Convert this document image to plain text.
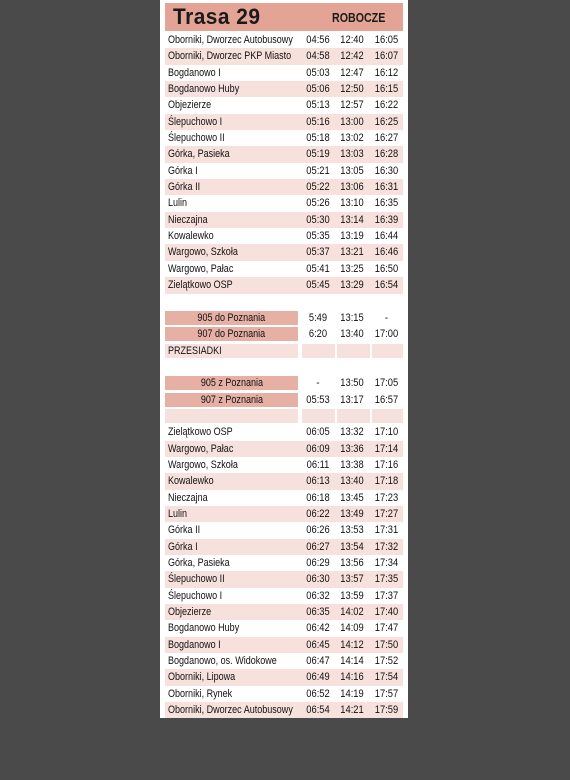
Trasa 29	ROBOCZE
Oborniki, Dworzec Autobusowy 04:56 12:40 16:05
Oborniki, Dworzec PKP Miasto 04:58 12:42 16:07
Bogdanowo I	05:03 12:47 16:12
Bogdanowo Huby	05:06 12:50 16:15
Objezierze	05:13 12:57 16:22
Ślepuchowo I	05:16 13:00 16:25
Ślepuchowo II	05:18 13:02 16:27
Górka, Pasieka	05:19 13:03 16:28
Górka I	05:21 13:05 16:30
Górka II	05:22 13:06 16:31
Lulin	05:26 13:10 16:35
Nieczajna	05:30 13:14 16:39
Kowalewko	05:35 13:19 16:44
Wargowo, Szkoła	05:37 13:21 16:46
Wargowo, Pałac	05:41 13:25 16:50
Zielątkowo OSP	05:45 13:29 16:54
905 do Poznania	5:49	13:15	-
907 do Poznania	6:20	13:40 17:00
PRZESIADKI
905 z Poznania	-	13:50 17:05
907 z Poznania	05:53 13:17 16:57
Zielątkowo OSP	06:05 13:32 17:10
Wargowo, Pałac	06:09 13:36 17:14
Wargowo, Szkoła	06:11 13:38 17:16
Kowalewko	06:13 13:40 17:18
Nieczajna	06:18 13:45 17:23
Lulin	06:22 13:49 17:27
Górka II	06:26 13:53 17:31
Górka I	06:27 13:54 17:32
Górka, Pasieka	06:29 13:56 17:34
Ślepuchowo II	06:30 13:57 17:35
Ślepuchowo I	06:32 13:59 17:37
Objezierze	06:35 14:02 17:40
Bogdanowo Huby	06:42 14:09 17:47
Bogdanowo I	06:45 14:12 17:50
Bogdanowo, os. Widokowe	06:47 14:14 17:52
Oborniki, Lipowa	06:49 14:16 17:54
Oborniki, Rynek	06:52 14:19 17:57
Oborniki, Dworzec Autobusowy 06:54 14:21 17:59
